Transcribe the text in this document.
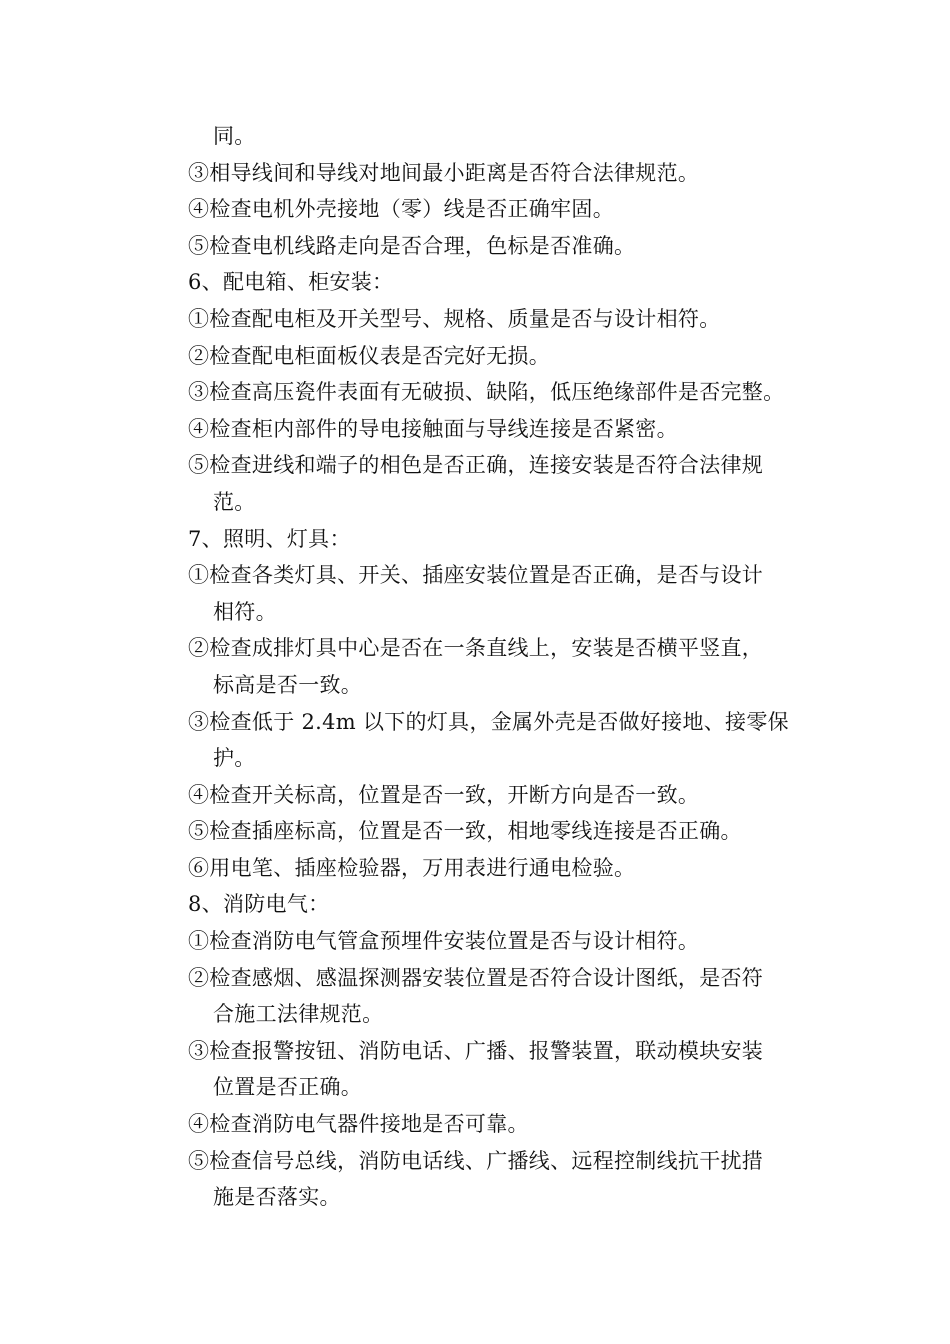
同。
③相导线间和导线对地间最小距离是否符合法律规范。
④检查电机外壳接地（零）线是否正确牢固。
⑤检查电机线路走向是否合理，色标是否准确。
6、配电箱、柜安装：
①检查配电柜及开关型号、规格、质量是否与设计相符。
②检查配电柜面板仪表是否完好无损。
③检查高压瓷件表面有无破损、缺陷，低压绝缘部件是否完整。
④检查柜内部件的导电接触面与导线连接是否紧密。
⑤检查进线和端子的相色是否正确，连接安装是否符合法律规
范。
7、照明、灯具：
①检查各类灯具、开关、插座安装位置是否正确，是否与设计
相符。
②检查成排灯具中心是否在一条直线上，安装是否横平竖直，
标高是否一致。
③检查低于 2.4m 以下的灯具，金属外壳是否做好接地、接零保
护。
④检查开关标高，位置是否一致，开断方向是否一致。
⑤检查插座标高，位置是否一致，相地零线连接是否正确。
⑥用电笔、插座检验器，万用表进行通电检验。
8、消防电气：
①检查消防电气管盒预埋件安装位置是否与设计相符。
②检查感烟、感温探测器安装位置是否符合设计图纸，是否符
合施工法律规范。
③检查报警按钮、消防电话、广播、报警装置，联动模块安装
位置是否正确。
④检查消防电气器件接地是否可靠。
⑤检查信号总线，消防电话线、广播线、远程控制线抗干扰措
施是否落实。
